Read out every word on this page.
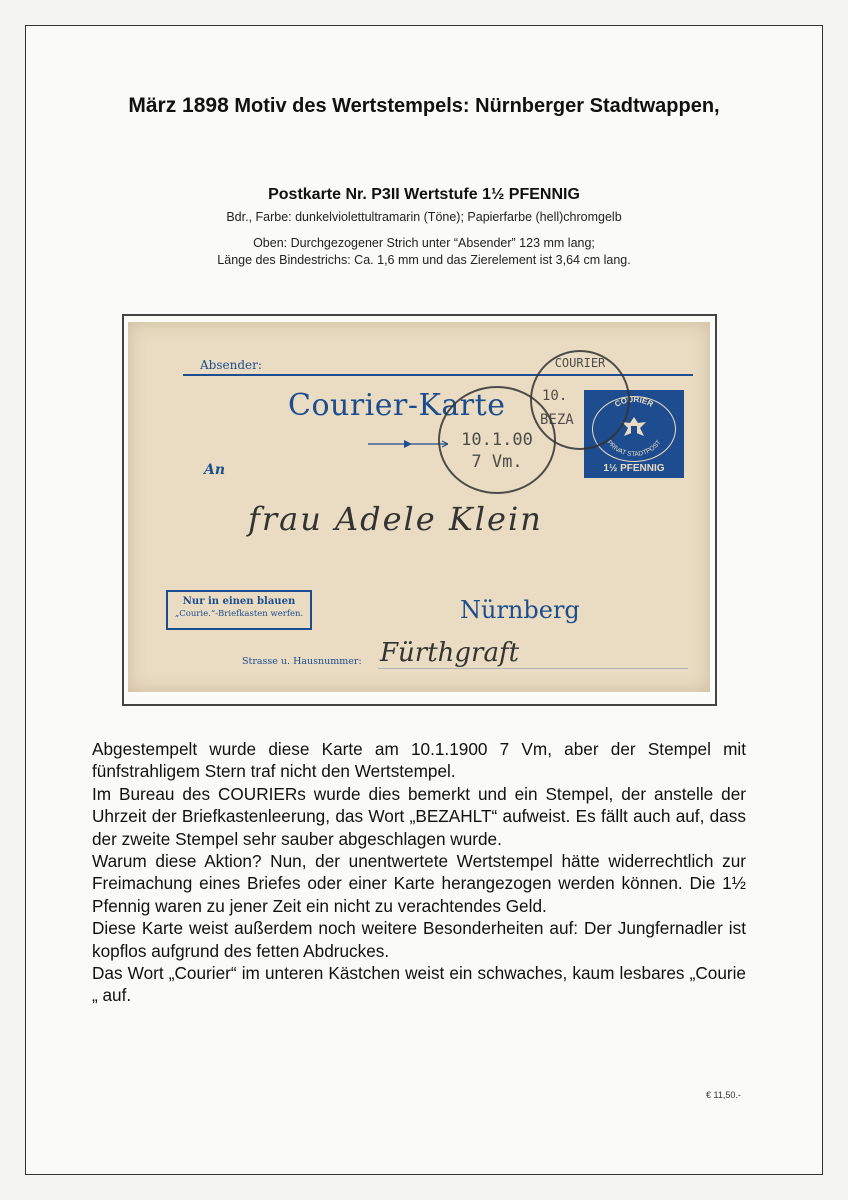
März 1898 Motiv des Wertstempels: Nürnberger Stadtwappen,
Postkarte Nr. P3II Wertstufe 1½ PFENNIG
Bdr., Farbe: dunkelviolettultramarin (Töne); Papierfarbe (hell)chromgelb
Oben: Durchgezogener Strich unter “Absender” 123 mm lang;
Länge des Bindestrichs: Ca. 1,6 mm und das Zierelement ist 3,64 cm lang.
Absender:
Courier-Karte
An
frau Adele Klein
Nur in einen blauen
„Courie.“-Briefkasten werfen.	Nürnberg
Strasse u. Hausnummer: Fürthgraft
COURIER
PRIVAT STADTPOST
1½ PFENNIG
COURIER
10.
BEZA
10.1.00
7 Vm.

Abgestempelt wurde diese Karte am 10.1.1900 7 Vm, aber der Stempel mit fünfstrahligem Stern traf nicht den Wertstempel.

Im Bureau des COURIERs wurde dies bemerkt und ein Stempel, der anstelle der Uhrzeit der Briefkastenleerung, das Wort „BEZAHLT“ aufweist. Es fällt auch auf, dass der zweite Stempel sehr sauber abgeschlagen wurde.

Warum diese Aktion? Nun, der unentwertete Wertstempel hätte widerrechtlich zur Freimachung eines Briefes oder einer Karte herangezogen werden können. Die 1½ Pfennig waren zu jener Zeit ein nicht zu verachtendes Geld.

Diese Karte weist außerdem noch weitere Besonderheiten auf: Der Jungfernadler ist kopflos aufgrund des fetten Abdruckes.

Das Wort „Courier“ im unteren Kästchen weist ein schwaches, kaum lesbares „Courie „ auf.

€ 11,50.-
